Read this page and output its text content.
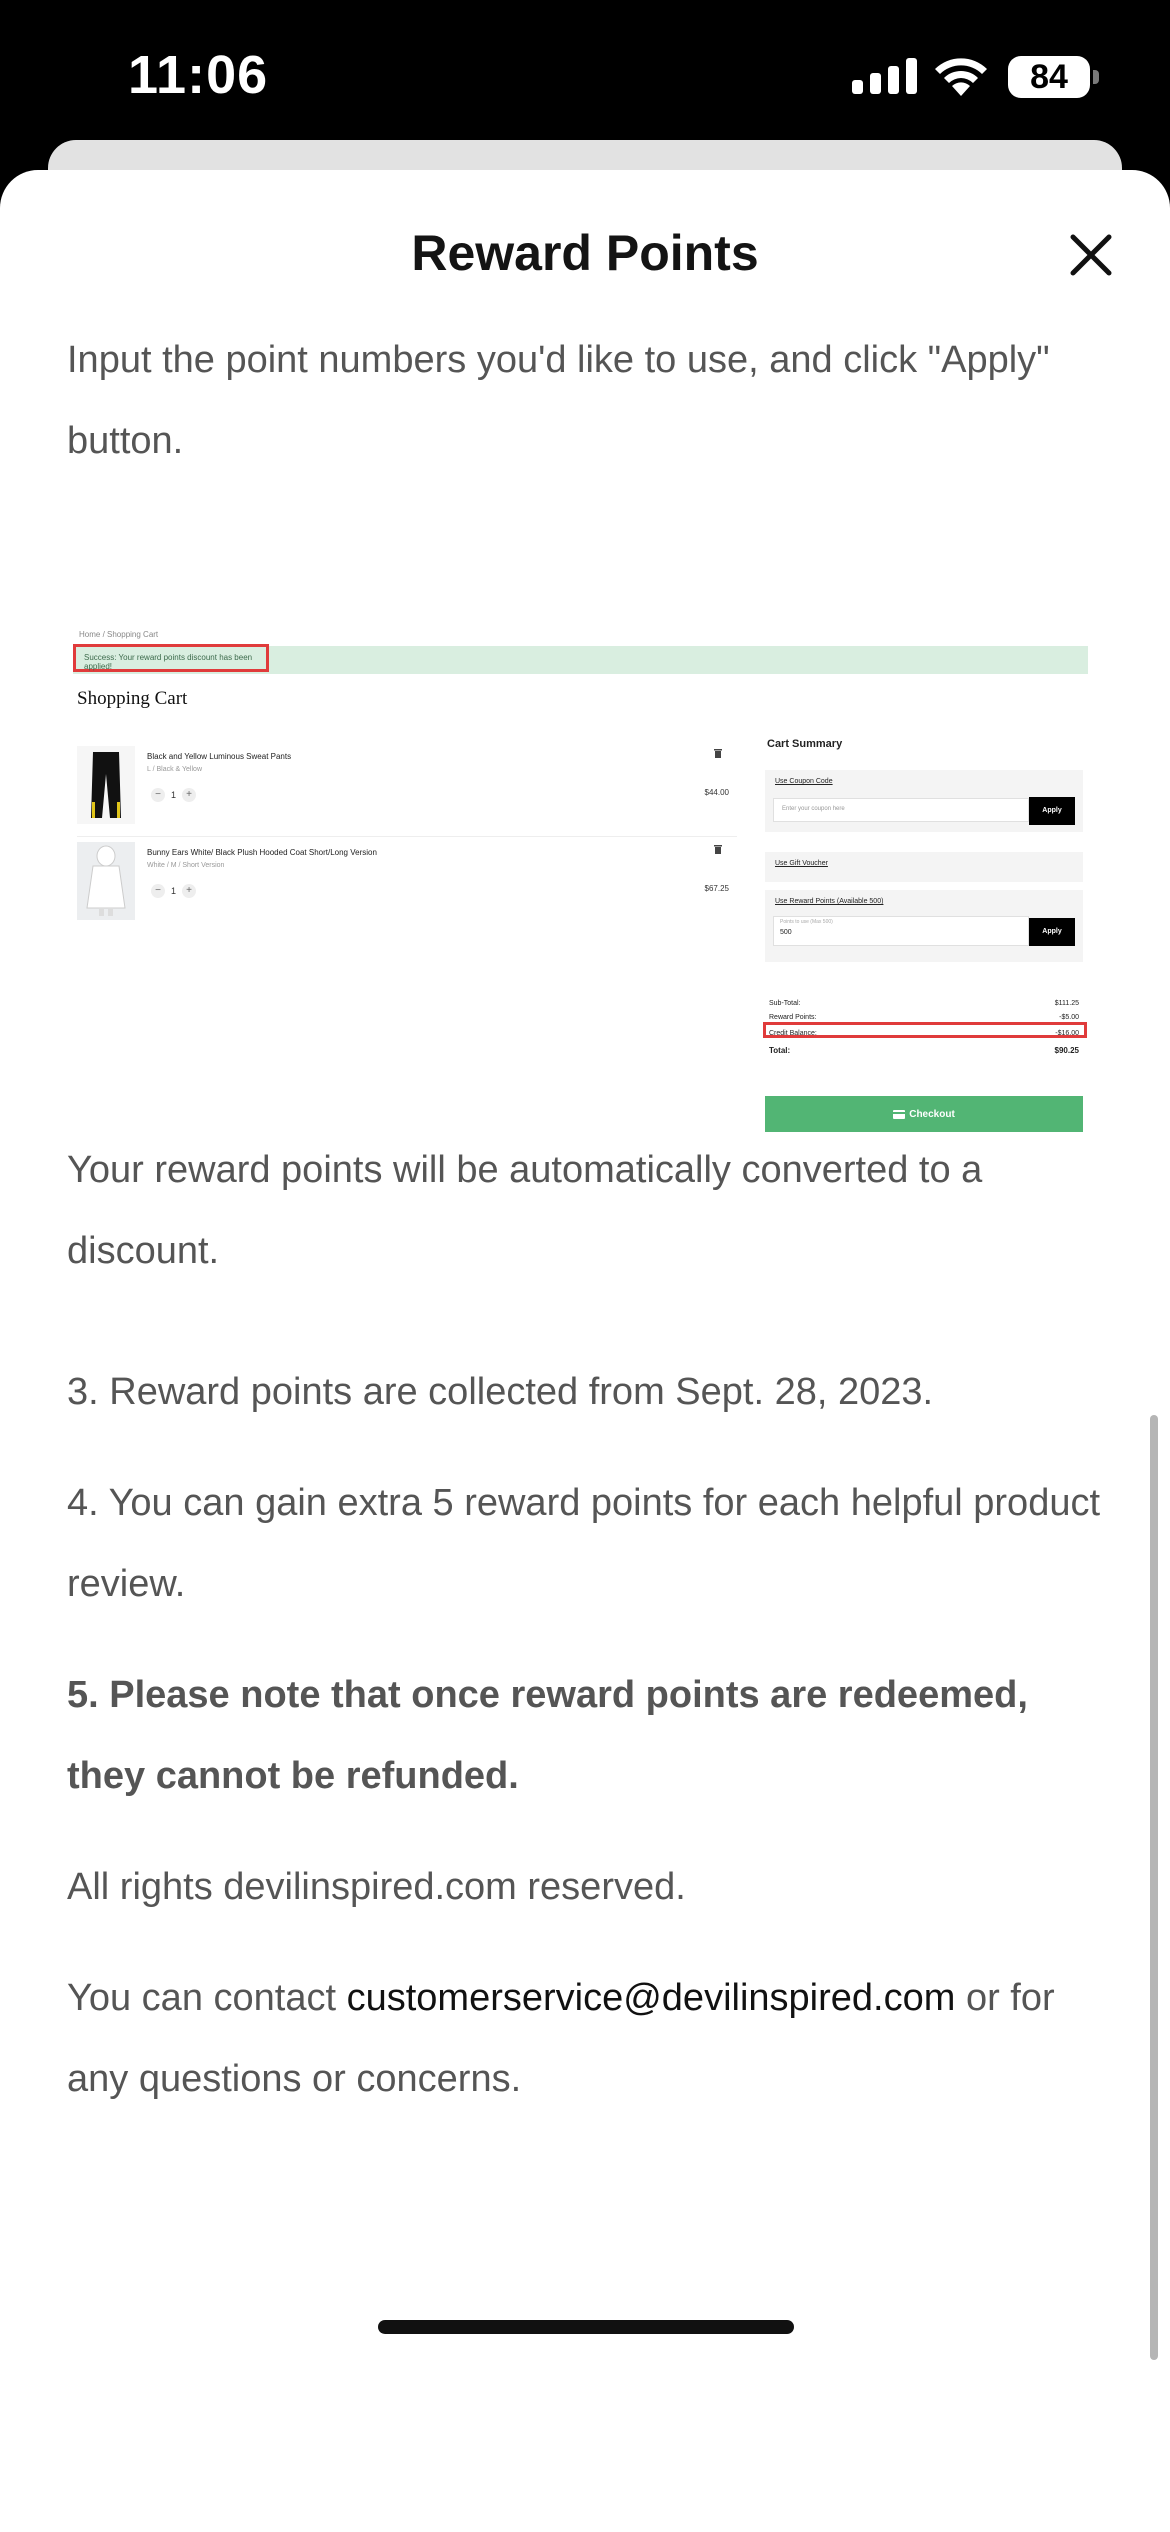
11:06	84
Reward Points

Input the point numbers you'd like to use, and click "Apply" button.

Your reward points will be automatically converted to a discount.

3. Reward points are collected from Sept. 28, 2023.

4. You can gain extra 5 reward points for each helpful product review.

5. Please note that once reward points are redeemed, they cannot be refunded.

All rights devilinspired.com reserved.

You can contact customerservice@devilinspired.com or for any questions or concerns.

Home / Shopping Cart
Success: Your reward points discount has been applied!
Shopping Cart
Black and Yellow Luminous Sweat Pants
L / Black & Yellow
−	1	+	$44.00
Bunny Ears White/ Black Plush Hooded Coat Short/Long Version
White / M / Short Version
−	1	+	$67.25
Cart Summary
Use Coupon Code
Enter your coupon here	Apply
Use Gift Voucher
Use Reward Points (Available 500)
Points to use (Max 500)
500	Apply
Sub-Total:	$111.25
Reward Points:	-$5.00
Credit Balance:	-$16.00
Total:	$90.25
Checkout
